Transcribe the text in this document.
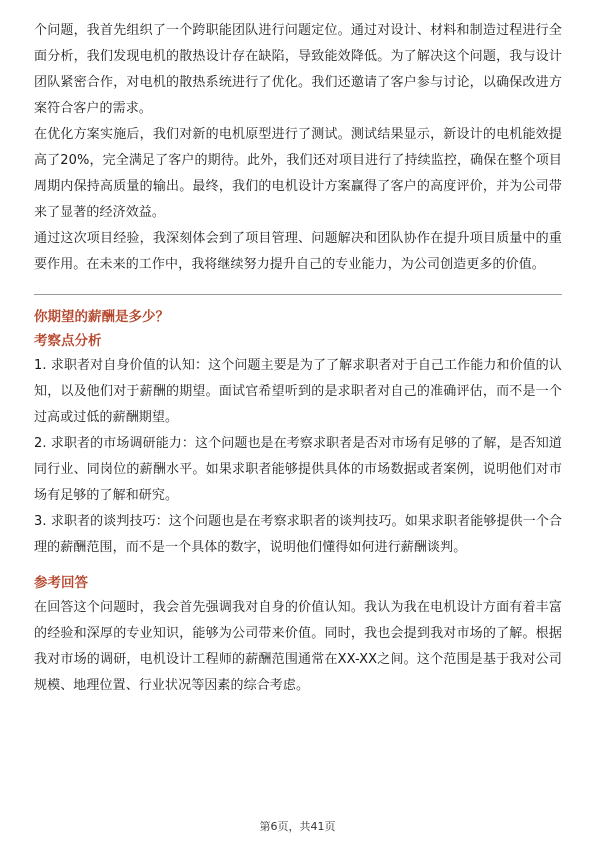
个问题，我首先组织了一个跨职能团队进行问题定位。通过对设计、材料和制造过程进行全面分析，我们发现电机的散热设计存在缺陷，导致能效降低。为了解决这个问题，我与设计团队紧密合作，对电机的散热系统进行了优化。我们还邀请了客户参与讨论，以确保改进方案符合客户的需求。

在优化方案实施后，我们对新的电机原型进行了测试。测试结果显示，新设计的电机能效提高了20%，完全满足了客户的期待。此外，我们还对项目进行了持续监控，确保在整个项目周期内保持高质量的输出。最终，我们的电机设计方案赢得了客户的高度评价，并为公司带来了显著的经济效益。

通过这次项目经验，我深刻体会到了项目管理、问题解决和团队协作在提升项目质量中的重要作用。在未来的工作中，我将继续努力提升自己的专业能力，为公司创造更多的价值。

你期望的薪酬是多少？
考察点分析

1. 求职者对自身价值的认知：这个问题主要是为了了解求职者对于自己工作能力和价值的认知，以及他们对于薪酬的期望。面试官希望听到的是求职者对自己的准确评估，而不是一个过高或过低的薪酬期望。

2. 求职者的市场调研能力：这个问题也是在考察求职者是否对市场有足够的了解，是否知道同行业、同岗位的薪酬水平。如果求职者能够提供具体的市场数据或者案例，说明他们对市场有足够的了解和研究。

3. 求职者的谈判技巧：这个问题也是在考察求职者的谈判技巧。如果求职者能够提供一个合理的薪酬范围，而不是一个具体的数字，说明他们懂得如何进行薪酬谈判。

参考回答

在回答这个问题时，我会首先强调我对自身的价值认知。我认为我在电机设计方面有着丰富的经验和深厚的专业知识，能够为公司带来价值。同时，我也会提到我对市场的了解。根据我对市场的调研，电机设计工程师的薪酬范围通常在XX-XX之间。这个范围是基于我对公司规模、地理位置、行业状况等因素的综合考虑。

第6页，共41页
